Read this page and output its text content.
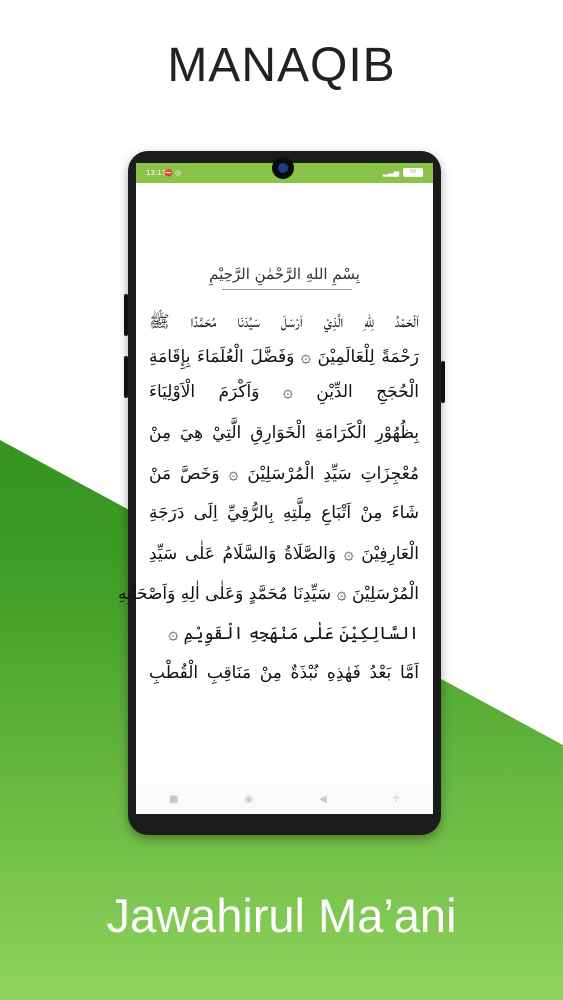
MANAQIB
13:17
⛔ ◎	▂▃▅	56
بِسْمِ اللهِ الرَّحْمٰنِ الرَّحِيْمِ
اَلْحَمْدُ لِلّٰهِ الَّذِيْ اَرْسَلَ سَيِّدَنَا مُحَمَّدًا ﷺ
رَحْمَةً لِلْعَالَمِيْنَ ۞ وَفَضَّلَ الْعُلَمَاءَ بِإِقَامَةِ
الْحُجَجِ الدِّيْنِ ۞ وَاَكْرَمَ الْاَوْلِيَاءَ
بِظُهُوْرِ الْكَرَامَةِ الْخَوَارِقِ الَّتِيْ هِيَ مِنْ
مُعْجِزَاتِ سَيِّدِ الْمُرْسَلِيْنَ ۞ وَخَصَّ مَنْ
شَاءَ مِنْ اَتْبَاعِ مِلَّتِهِ بِالرُّقِيِّ اِلَى دَرَجَةِ
الْعَارِفِيْنَ ۞ وَالصَّلَاةُ وَالسَّلَامُ عَلٰى سَيِّدِ
الْمُرْسَلِيْنَ ۞ سَيِّدِنَا مُحَمَّدٍ وَعَلٰى اٰلِهِ وَاَصْحَابِهِ
السَّالِكِيْنَ عَلٰى مَنْهَجِهِ الْقَوِيْمِ ۞
اَمَّا بَعْدُ فَهٰذِهِ نُبْذَةٌ مِنْ مَنَاقِبِ الْقُطْبِ
■	◉	◀	☥
Jawahirul Ma’ani
